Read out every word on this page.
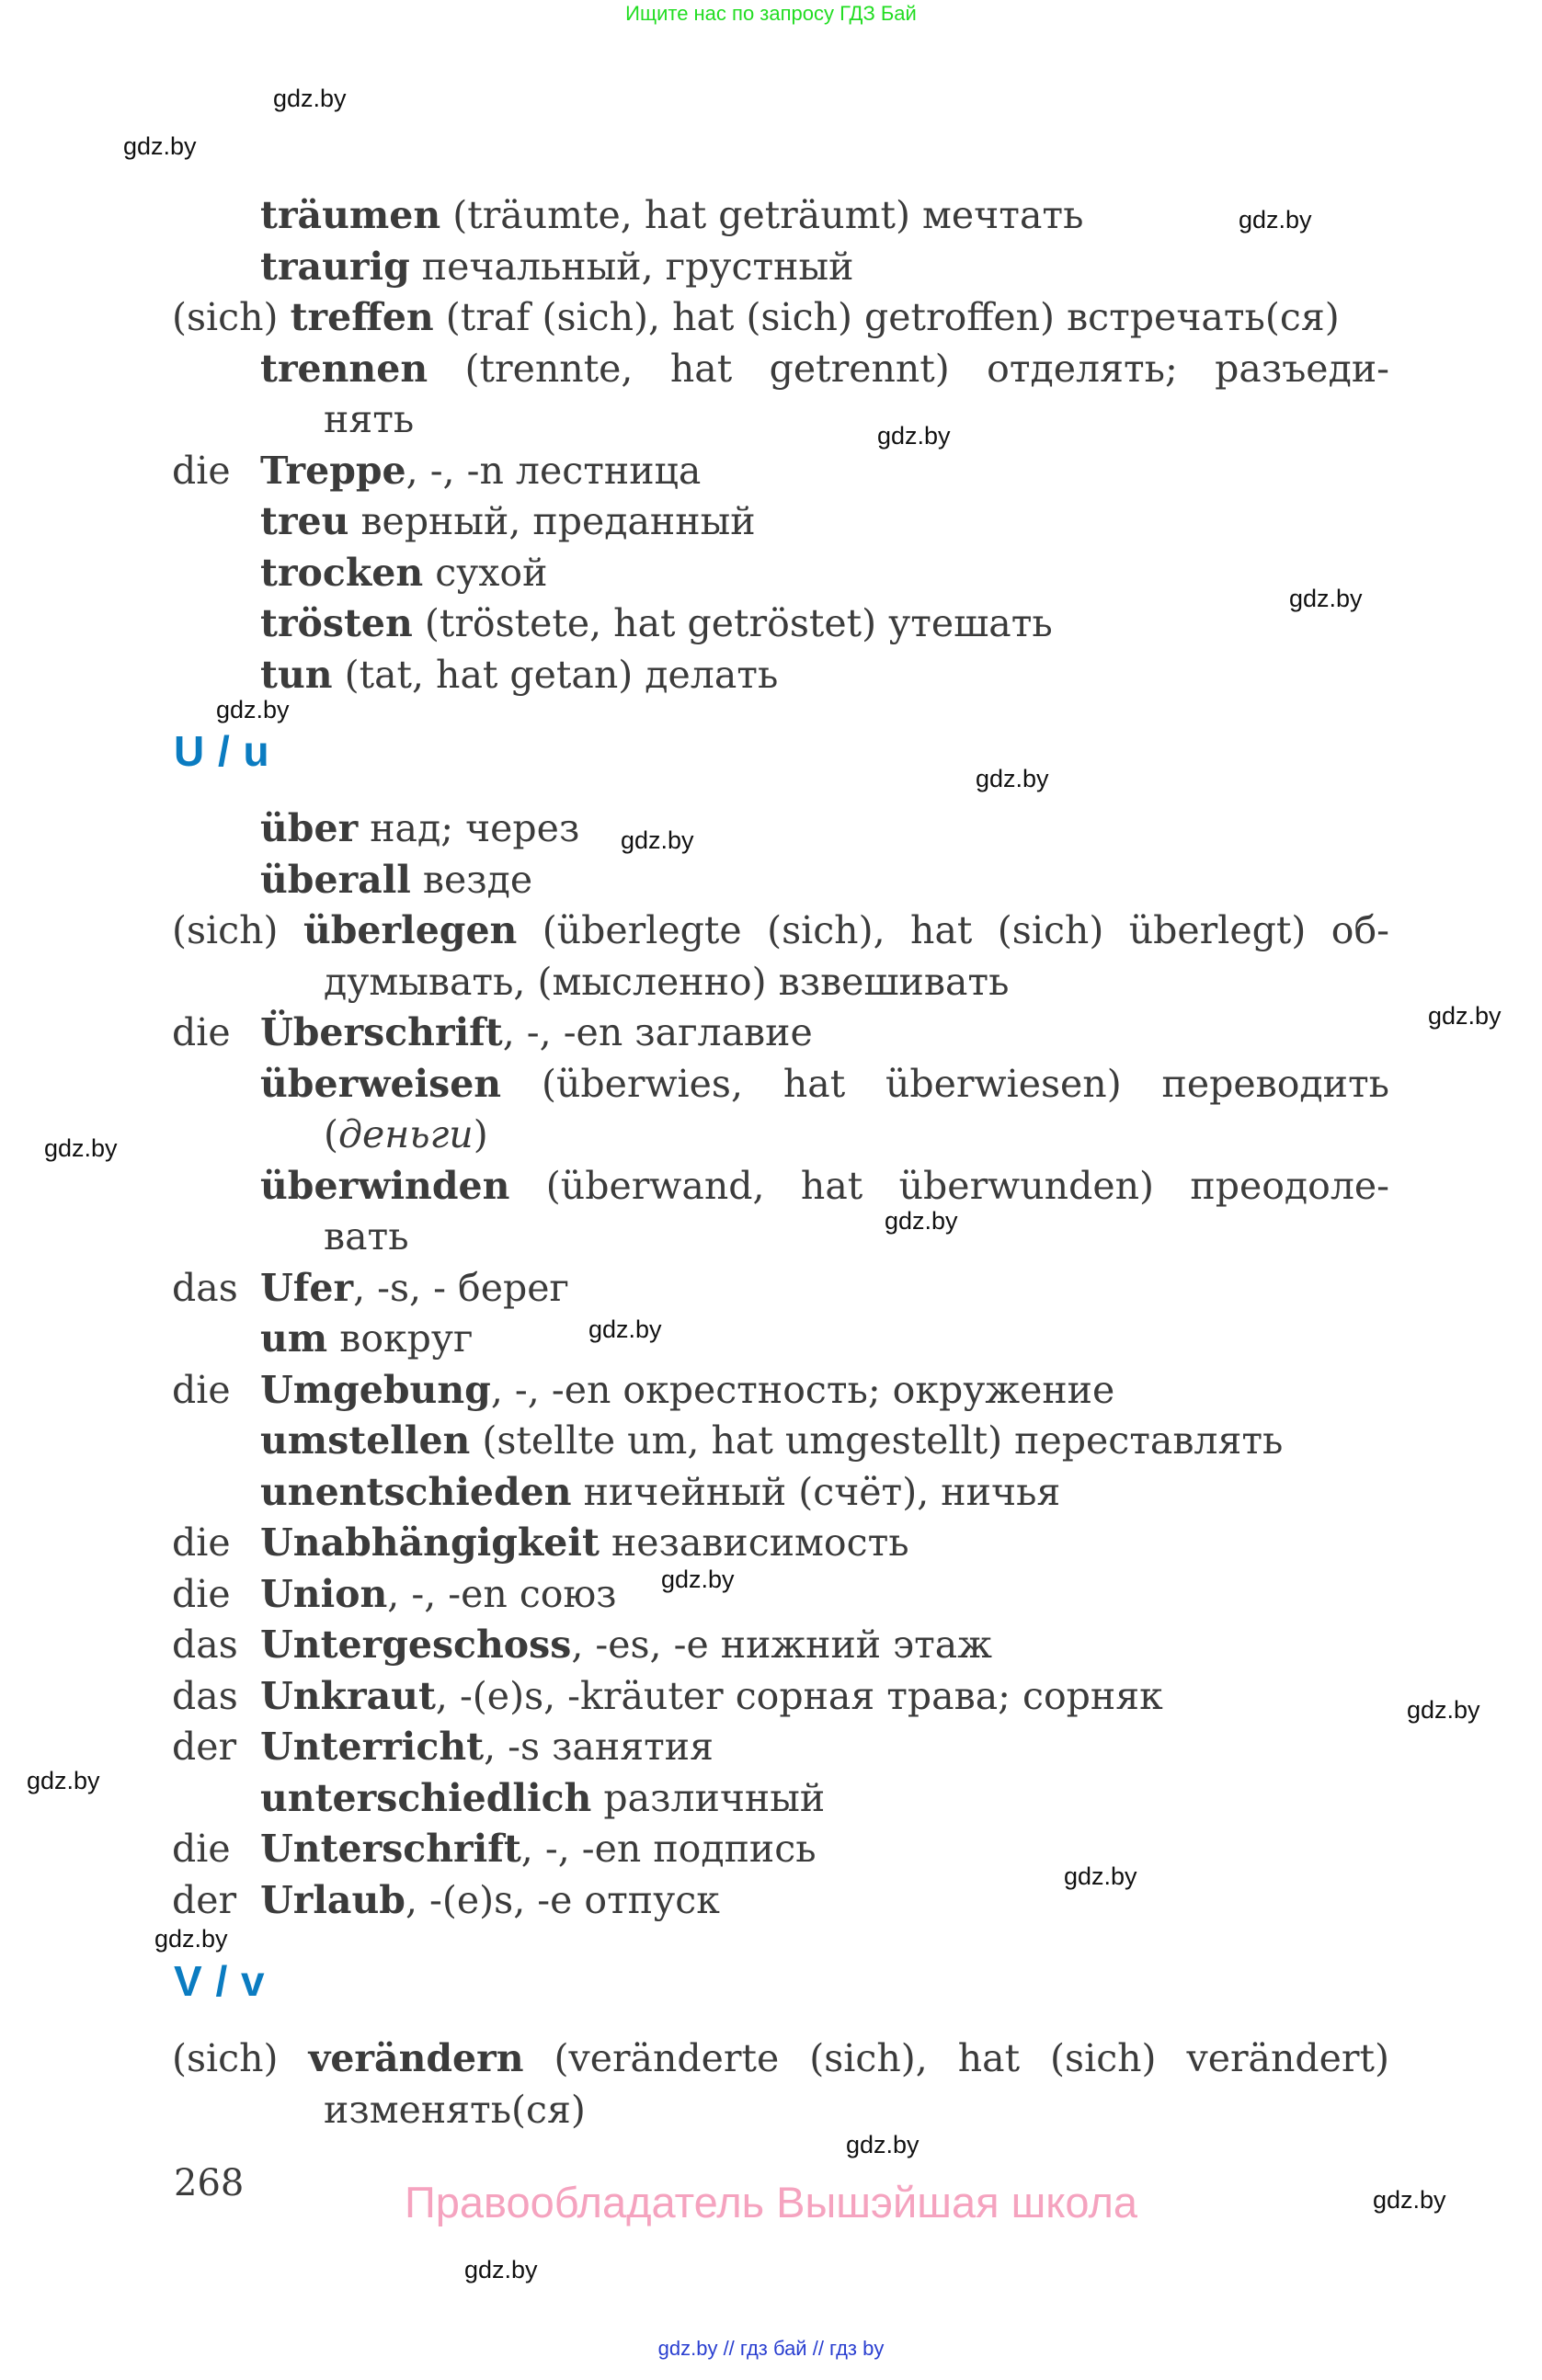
Ищите нас по запросу ГДЗ Бай
träumen (träumte, hat geträumt) мечтать
traurig печальный, грустный
(sich) treffen (traf (sich), hat (sich) getroffen) встречать(ся)
trennen (trennte, hat getrennt) отделять; разъеди-
нять
die Treppe, -, -n лестница
treu верный, преданный
trocken сухой
trösten (tröstete, hat getröstet) утешать
tun (tat, hat getan) делать
U / u
über над; через
überall везде
(sich) überlegen (überlegte (sich), hat (sich) überlegt) об-
думывать, (мысленно) взвешивать
die Überschrift, -, -en заглавие
überweisen (überwies, hat überwiesen) переводить
(деньги)
überwinden (überwand, hat überwunden) преодоле-
вать
das Ufer, -s, - берег
um вокруг
die Umgebung, -, -en окрестность; окружение
umstellen (stellte um, hat umgestellt) переставлять
unentschieden ничейный (счёт), ничья
die Unabhängigkeit независимость
die Union, -, -en союз
das Untergeschoss, -es, -e нижний этаж
das Unkraut, -(e)s, -kräuter сорная трава; сорняк
der Unterricht, -s занятия
unterschiedlich различный
die Unterschrift, -, -en подпись
der Urlaub, -(e)s, -e отпуск
V / v
(sich) verändern (veränderte (sich), hat (sich) verändert)
изменять(ся)
gdz.by
gdz.by
gdz.by
gdz.by
gdz.by
gdz.by
gdz.by
gdz.by
gdz.by
gdz.by
gdz.by
gdz.by
gdz.by
gdz.by
gdz.by
gdz.by
gdz.by
gdz.by
gdz.by
gdz.by
268	Правообладатель Вышэйшая школа
gdz.by // гдз бай // гдз by
